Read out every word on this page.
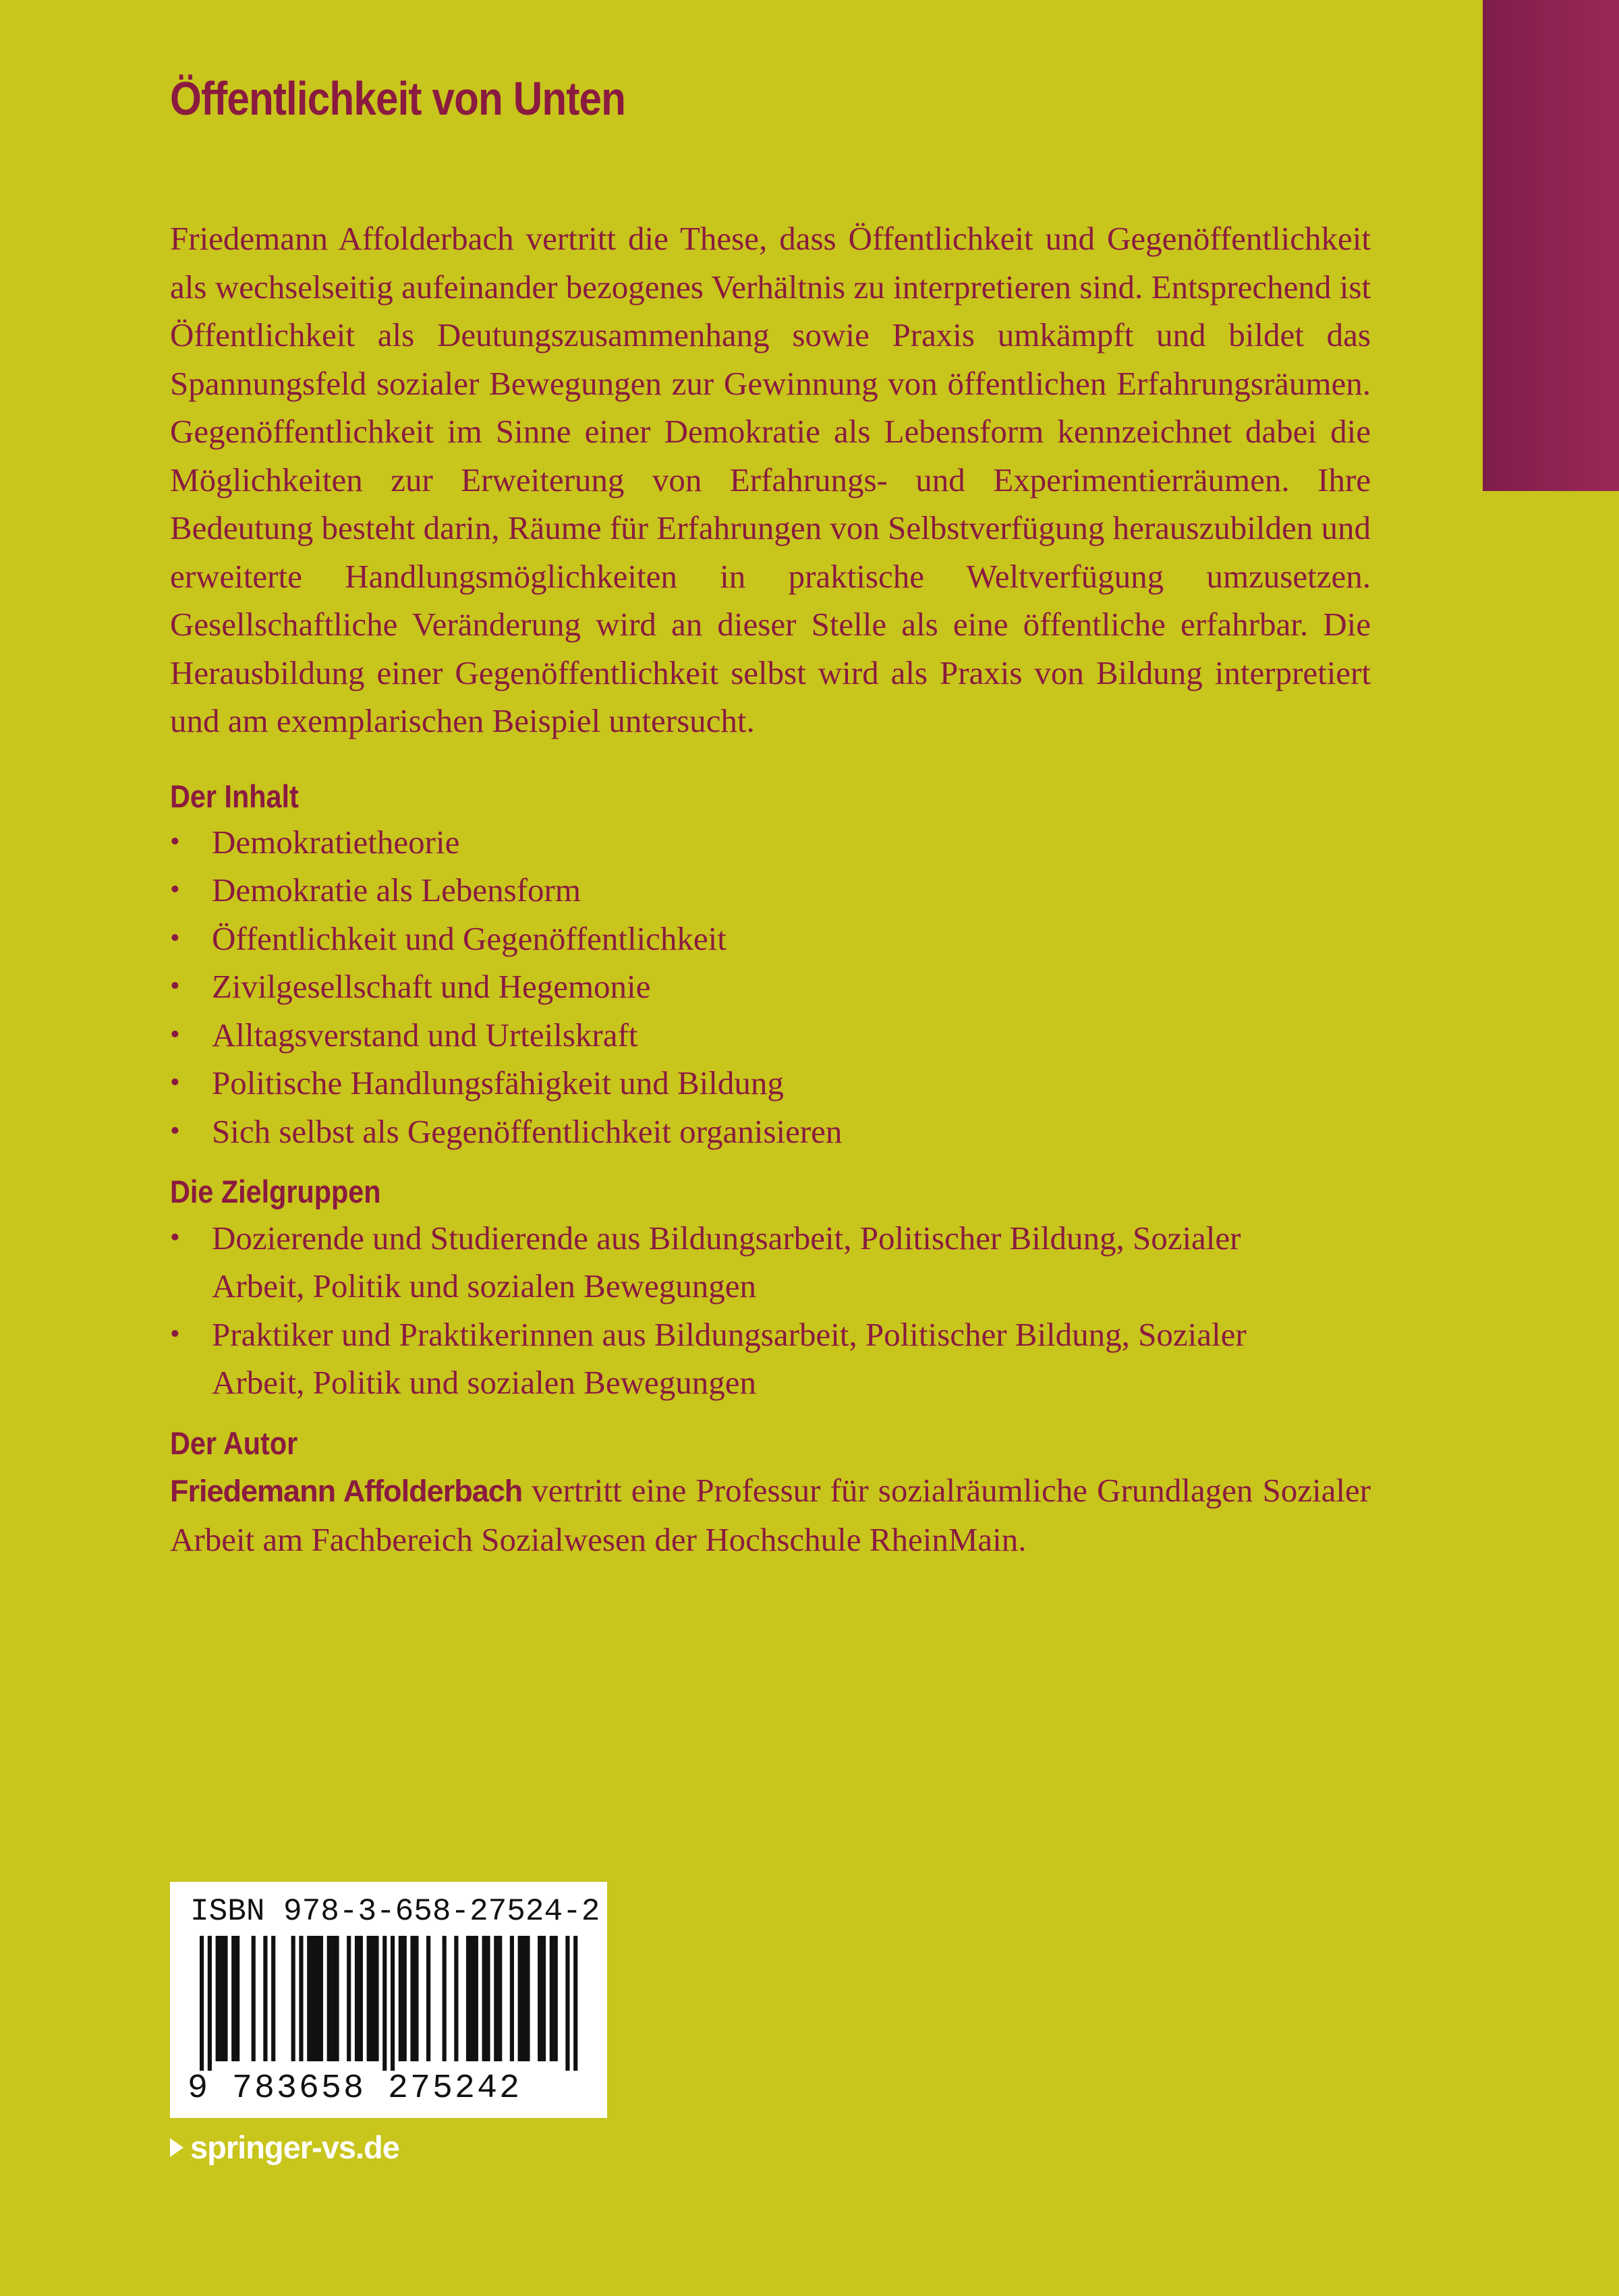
Öffentlichkeit von Unten

Friedemann Affolderbach vertritt die These, dass Öffentlichkeit und Gegenöffentlichkeit als wechselseitig aufeinander bezogenes Verhältnis zu interpretieren sind. Entsprechend ist Öffentlichkeit als Deutungszusammenhang sowie Praxis umkämpft und bildet das Spannungsfeld sozialer Bewegungen zur Gewinnung von öffentlichen Erfahrungsräumen. Gegenöffentlichkeit im Sinne einer Demokratie als Lebensform kennzeichnet dabei die Möglichkeiten zur Erweiterung von Erfahrungs- und Experimentierräumen. Ihre Bedeutung besteht darin, Räume für Erfahrungen von Selbstverfügung herauszubilden und erweiterte Handlungsmöglichkeiten in praktische Weltverfügung umzusetzen. Gesellschaftliche Veränderung wird an dieser Stelle als eine öffentliche erfahrbar. Die Herausbildung einer Gegenöffentlichkeit selbst wird als Praxis von Bildung interpretiert und am exemplarischen Beispiel untersucht.

Der Inhalt
• Demokratietheorie
• Demokratie als Lebensform
• Öffentlichkeit und Gegenöffentlichkeit
• Zivilgesellschaft und Hegemonie
• Alltagsverstand und Urteilskraft
• Politische Handlungsfähigkeit und Bildung
• Sich selbst als Gegenöffentlichkeit organisieren
Die Zielgruppen
• Dozierende und Studierende aus Bildungsarbeit, Politischer Bildung, Sozialer Arbeit, Politik und sozialen Bewegungen
• Praktiker und Praktikerinnen aus Bildungsarbeit, Politischer Bildung, Sozialer Arbeit, Politik und sozialen Bewegungen
Der Autor

Friedemann Affolderbach vertritt eine Professur für sozialräumliche Grundlagen Sozialer Arbeit am Fachbereich Sozialwesen der Hochschule RheinMain.

ISBN 978-3-658-27524-2
9 783658 275242
springer-vs.de
